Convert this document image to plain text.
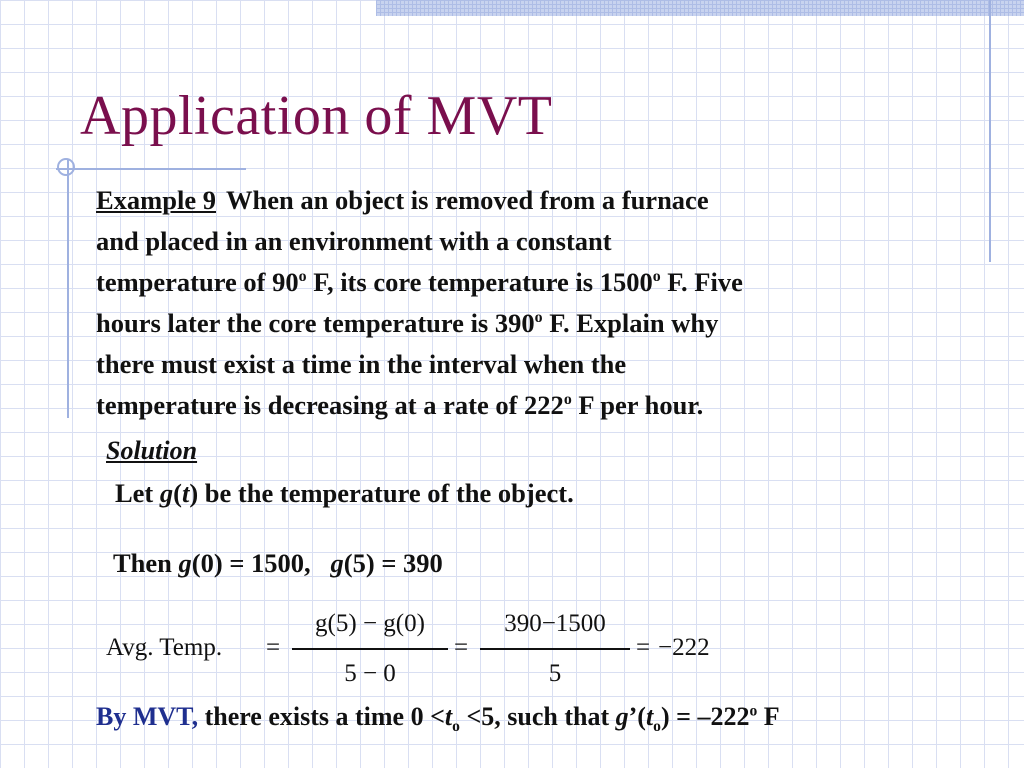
Application of MVT
Example 9 When an object is removed from a furnace
and placed in an environment with a constant
temperature of 90$^o$ F, its core temperature is 1500$^o$ F. Five
hours later the core temperature is 390$^o$ F. Explain why
there must exist a time in the interval when the
temperature is decreasing at a rate of 222$^o$ F per hour.

Solution

Let g(t) be the temperature of the object.
Then g(0) = 1500, g(5) = 390
Avg. Temp. =
g(5) − g(0)
5 − 0
=
390−1500
5
= −222
By MVT, there exists a time $0 <t_o <5$, such that $g’(t_o) = -222^o$ F
